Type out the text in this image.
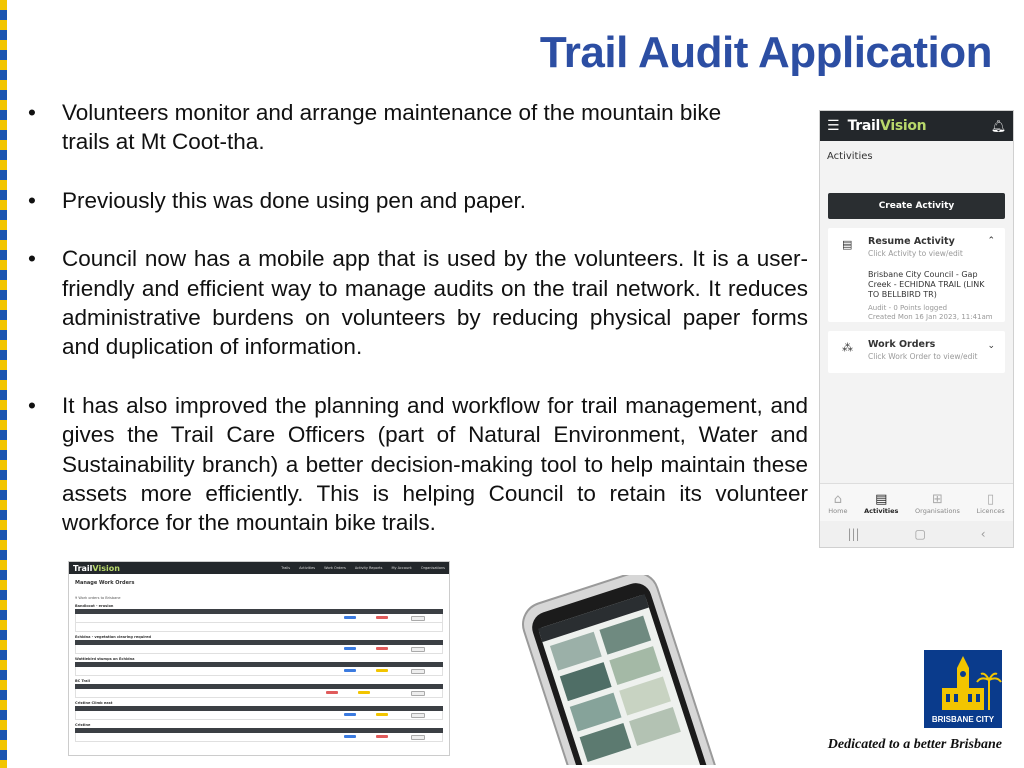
Trail Audit Application
• Volunteers monitor and arrange maintenance of the mountain bike trails at Mt Coot-tha.
• Previously this was done using pen and paper.
• Council now has a mobile app that is used by the volunteers. It is a user-friendly and efficient way to manage audits on the trail network. It reduces administrative burdens on volunteers by reducing physical paper forms and duplication of information.
• It has also improved the planning and workflow for trail management, and gives the Trail Care Officers (part of Natural Environment, Water and Sustainability branch) a better decision-making tool to help maintain these assets more efficiently. This is helping Council to retain its volunteer workforce for the mountain bike trails.
☰ TrailVision	🔔︎
Activities
Create Activity
▤	⌃
Resume Activity
Click Activity to view/edit
Brisbane City Council - Gap Creek - ECHIDNA TRAIL (LINK TO BELLBIRD TR)
Audit - 0 Points logged
Created Mon 16 Jan 2023, 11:41am
⁂	⌄
Work Orders
Click Work Order to view/edit
⌂
Home
▤
Activities
⊞
Organisations
▯
Licences
|||	▢	‹
TrailVision	Trails	Activities	Work Orders	Activity Reports	My Account	Organisations
Manage Work Orders
9 Work orders to Brisbane
Bandicoot - erosion
Echidna - vegetation clearing required
Wattlebird stumps on Echidna
BC Trail
Cristine Climb east
Cristine
BRISBANE CITY
Dedicated to a better Brisbane
